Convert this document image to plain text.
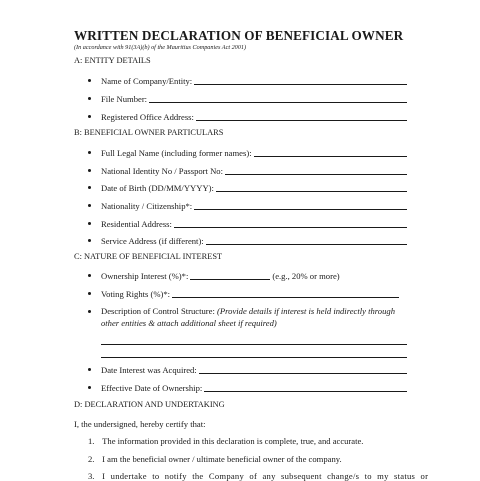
WRITTEN DECLARATION OF BENEFICIAL OWNER
(In accordance with 91(3A)(b) of the Mauritius Companies Act 2001)
A: ENTITY DETAILS
Name of Company/Entity:
File Number:
Registered Office Address:
B: BENEFICIAL OWNER PARTICULARS
Full Legal Name (including former names):
National Identity No / Passport No:
Date of Birth (DD/MM/YYYY):
Nationality / Citizenship*:
Residential Address:
Service Address (if different):
C: NATURE OF BENEFICIAL INTEREST
Ownership Interest (%)*:	(e.g., 20% or more)
Voting Rights (%)*:
Description of Control Structure: (Provide details if interest is held indirectly through other entities & attach additional sheet if required)
Date Interest was Acquired:
Effective Date of Ownership:
D: DECLARATION AND UNDERTAKING
I, the undersigned, hereby certify that:
1. The information provided in this declaration is complete, true, and accurate.
2. I am the beneficial owner / ultimate beneficial owner of the company.
3. I undertake to notify the Company of any subsequent change/s to my status or
